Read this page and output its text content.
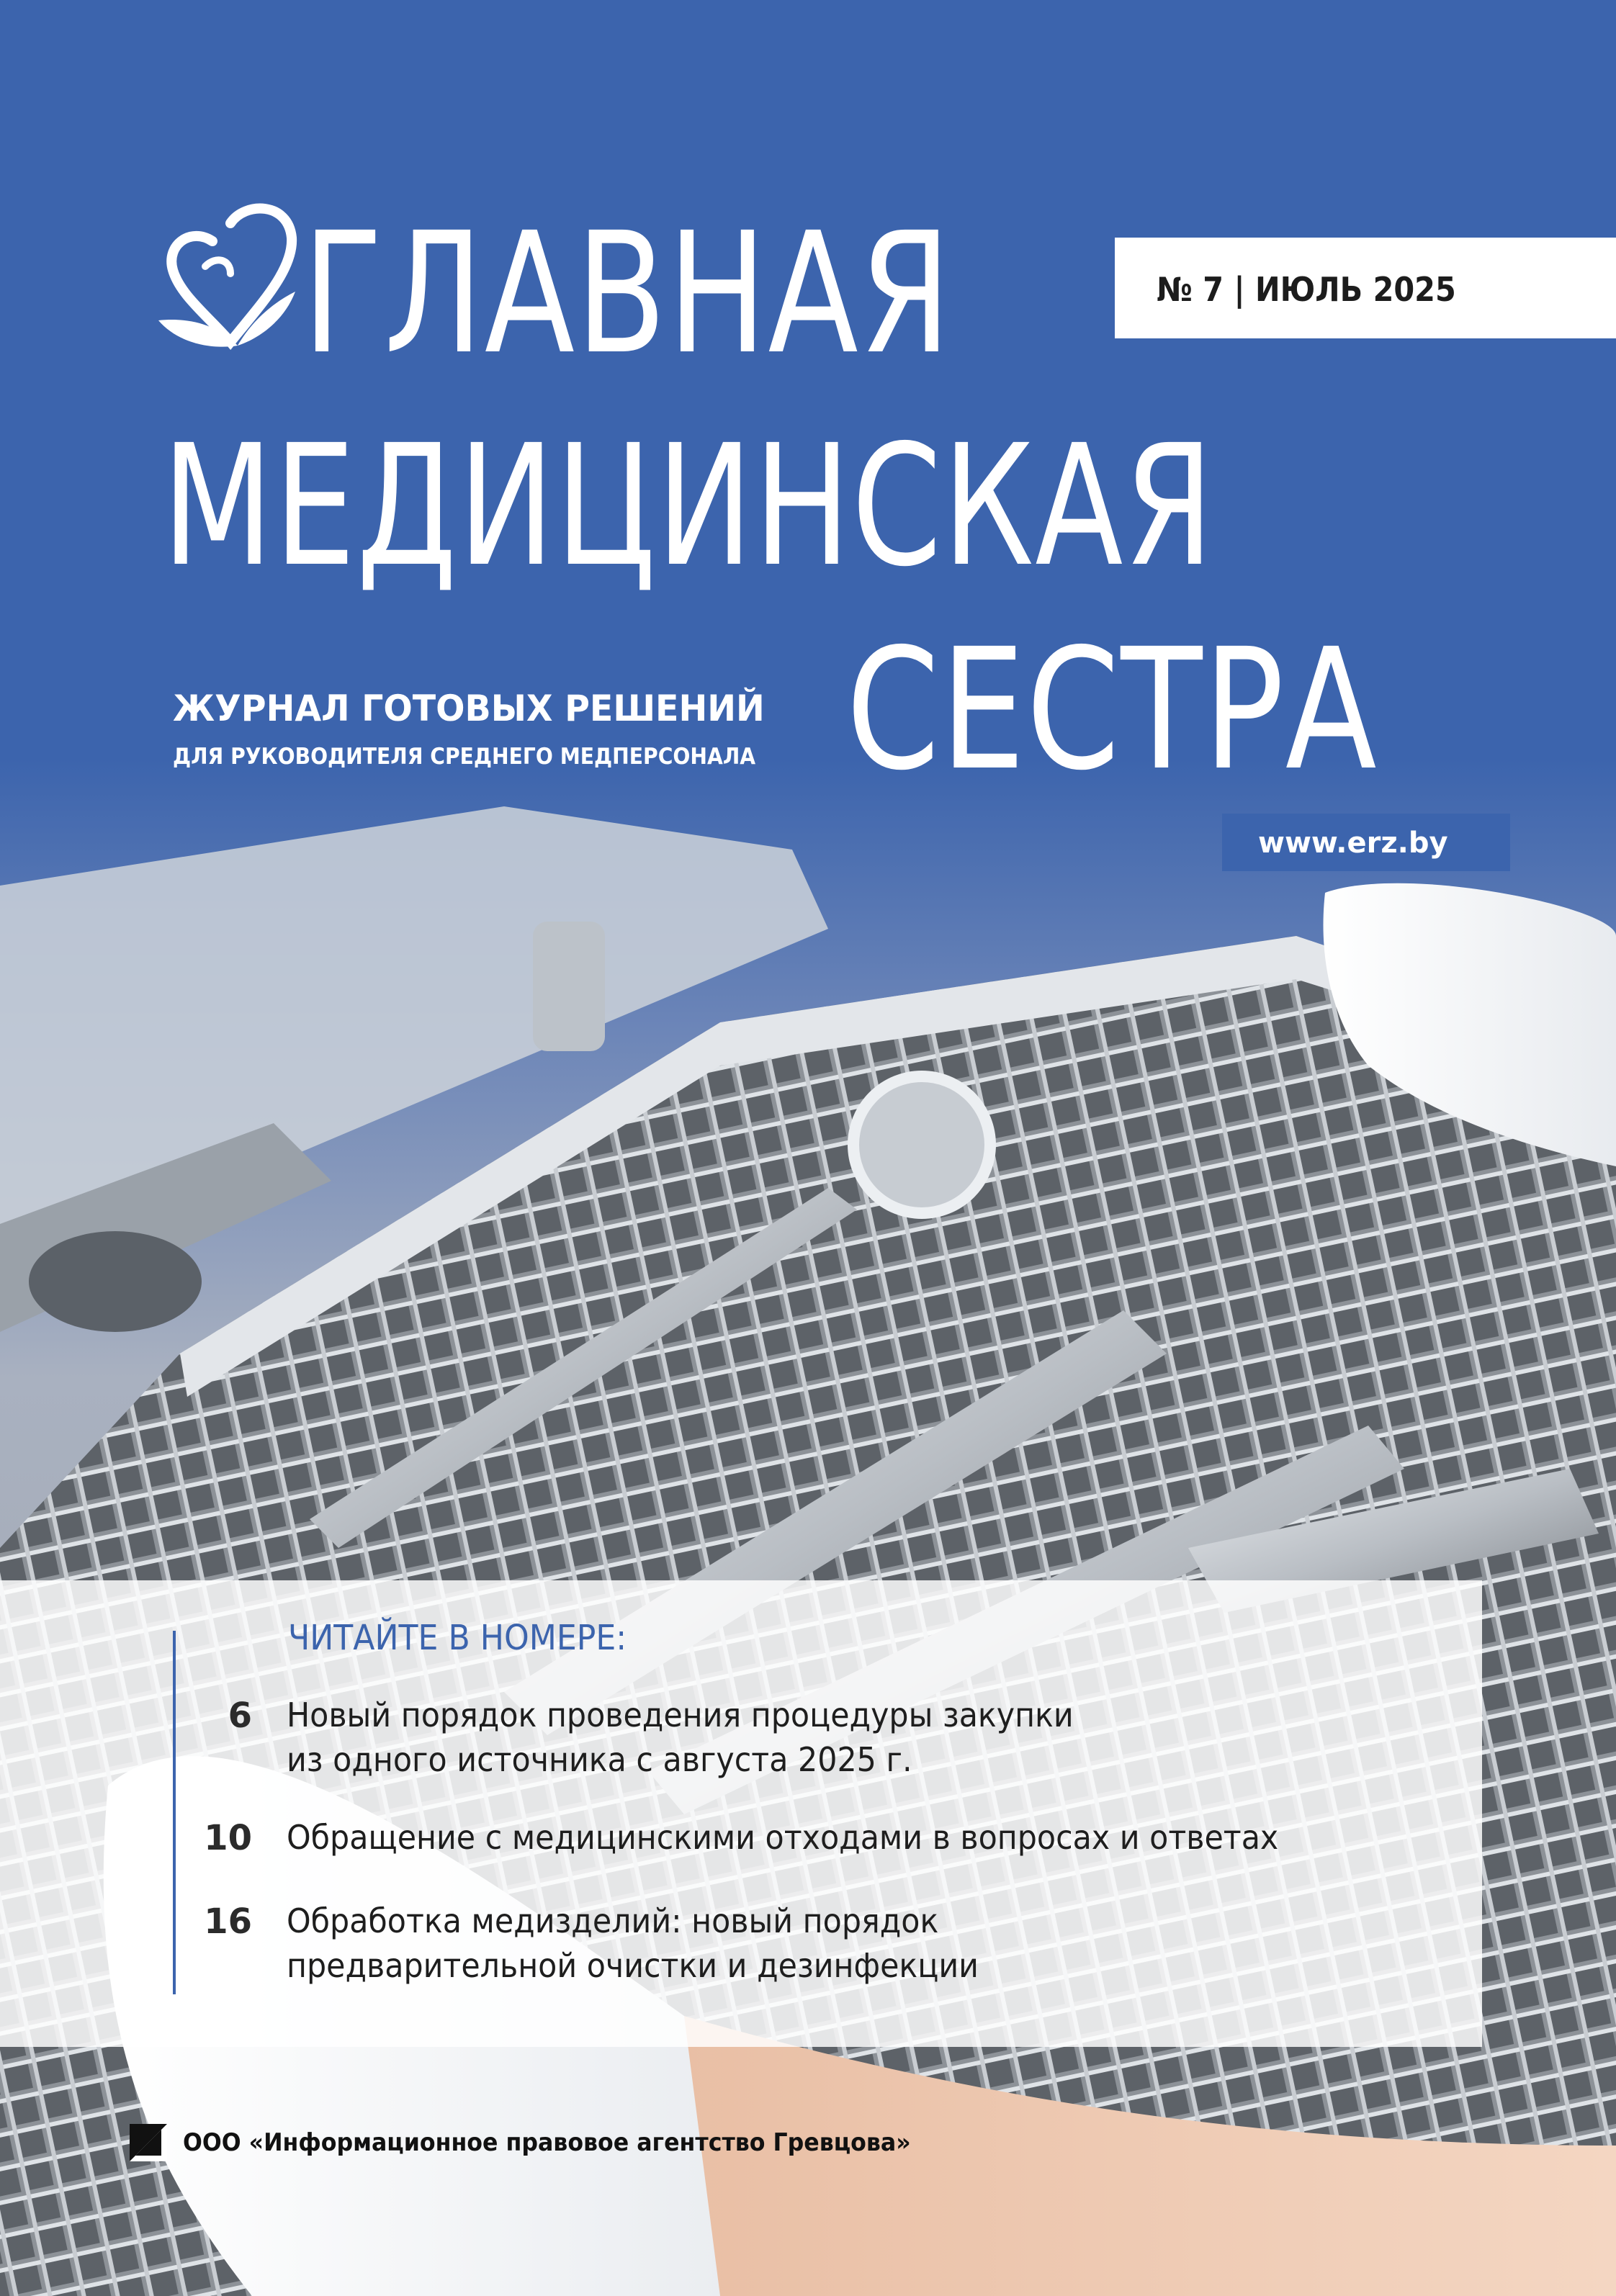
ГЛАВНАЯ
МЕДИЦИНСКАЯ
СЕСТРА
№ 7 | ИЮЛЬ 2025
ЖУРНАЛ ГОТОВЫХ РЕШЕНИЙ
ДЛЯ РУКОВОДИТЕЛЯ СРЕДНЕГО МЕДПЕРСОНАЛА
www.erz.by
ЧИТАЙТЕ В НОМЕРЕ:
6 Новый порядок проведения процедуры закупки
из одного источника с августа 2025 г.
10 Обращение с медицинскими отходами в вопросах и ответах
16 Обработка медизделий: новый порядок
предварительной очистки и дезинфекции
ООО «Информационное правовое агентство Гревцова»
